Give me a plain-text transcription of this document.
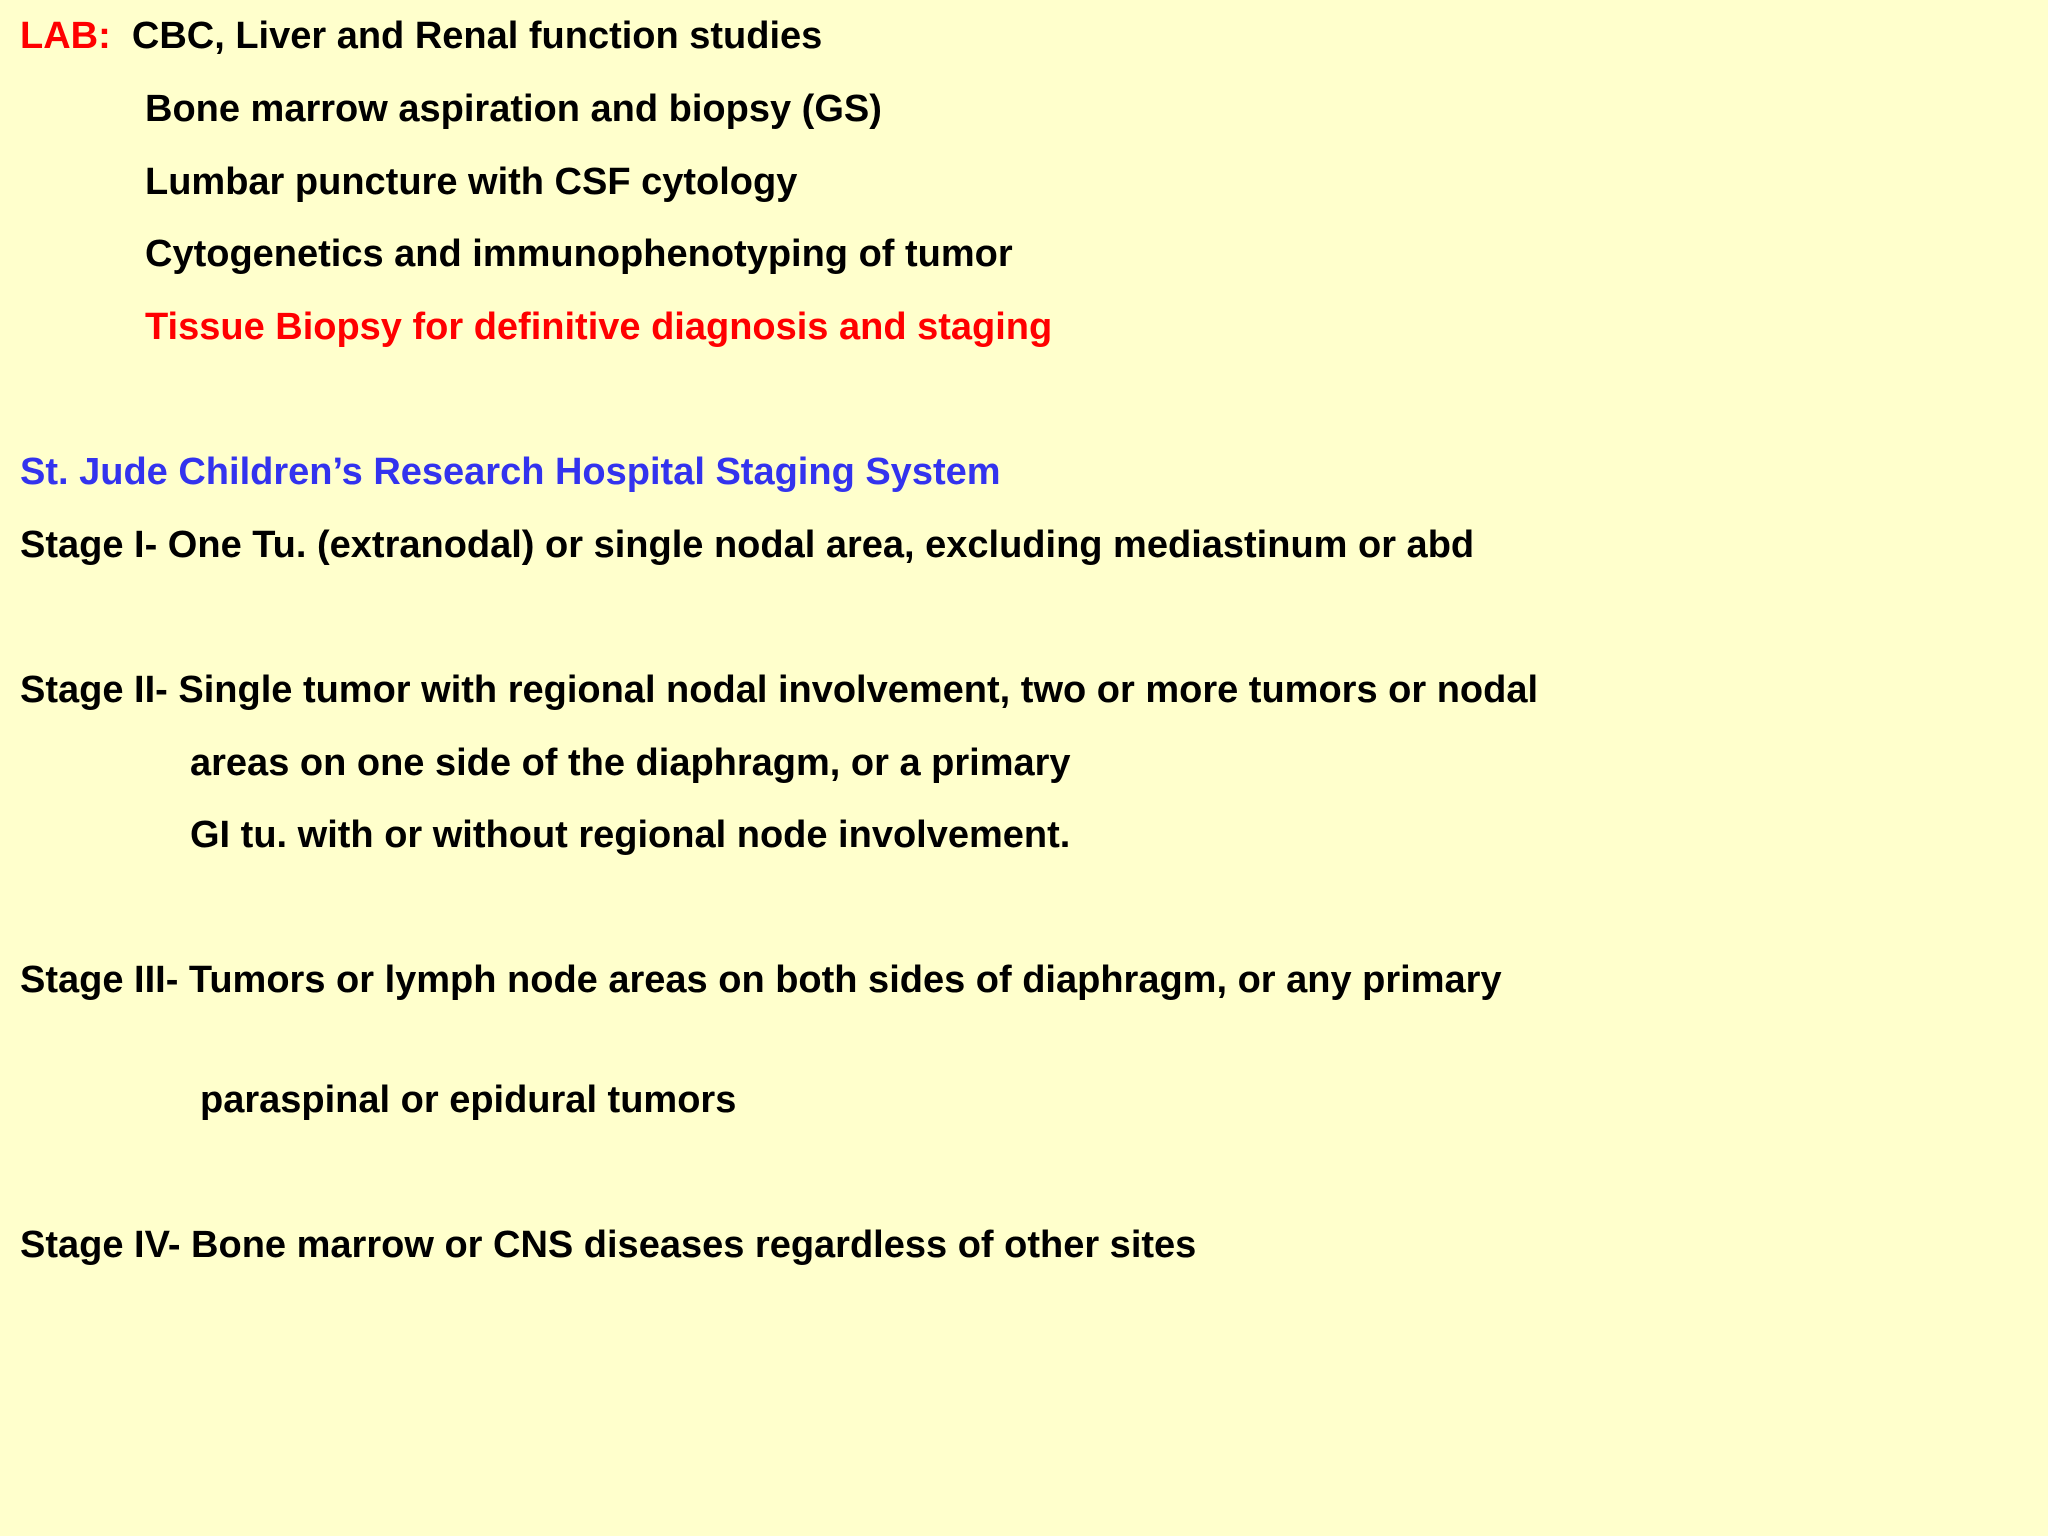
LAB: CBC, Liver and Renal function studies
Bone marrow aspiration and biopsy (GS)
Lumbar puncture with CSF cytology
Cytogenetics and immunophenotyping of tumor
Tissue Biopsy for definitive diagnosis and staging
St. Jude Children’s Research Hospital Staging System
Stage I- One Tu. (extranodal) or single nodal area, excluding mediastinum or abd
Stage II- Single tumor with regional nodal involvement, two or more tumors or nodal
areas on one side of the diaphragm, or a primary
GI tu. with or without regional node involvement.
Stage III- Tumors or lymph node areas on both sides of diaphragm, or any primary
paraspinal or epidural tumors
Stage IV- Bone marrow or CNS diseases regardless of other sites
